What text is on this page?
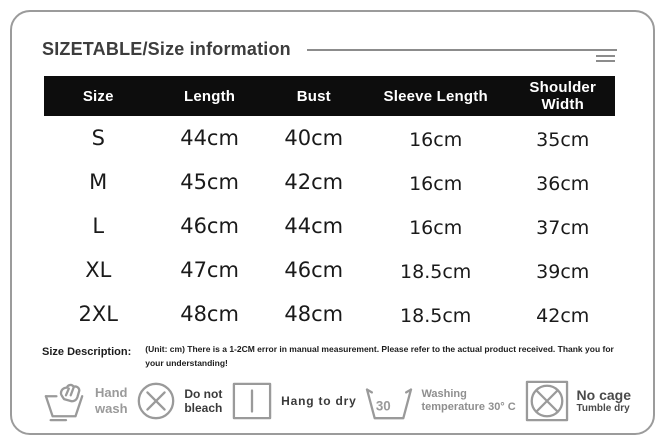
SIZETABLE/Size information
Size	Length	Bust	Sleeve Length	Shoulder Width
S	44cm	40cm	16cm	35cm
M	45cm	42cm	16cm	36cm
L	46cm	44cm	16cm	37cm
XL	47cm	46cm	18.5cm	39cm
2XL	48cm	48cm	18.5cm	42cm
Size Description: (Unit: cm) There is a 1-2CM error in manual measurement. Please refer to the actual product received. Thank you for your understanding!
Hand
wash
Do not
bleach
Hang to dry 30
Washing
temperature 30° C
No cage
Tumble dry
